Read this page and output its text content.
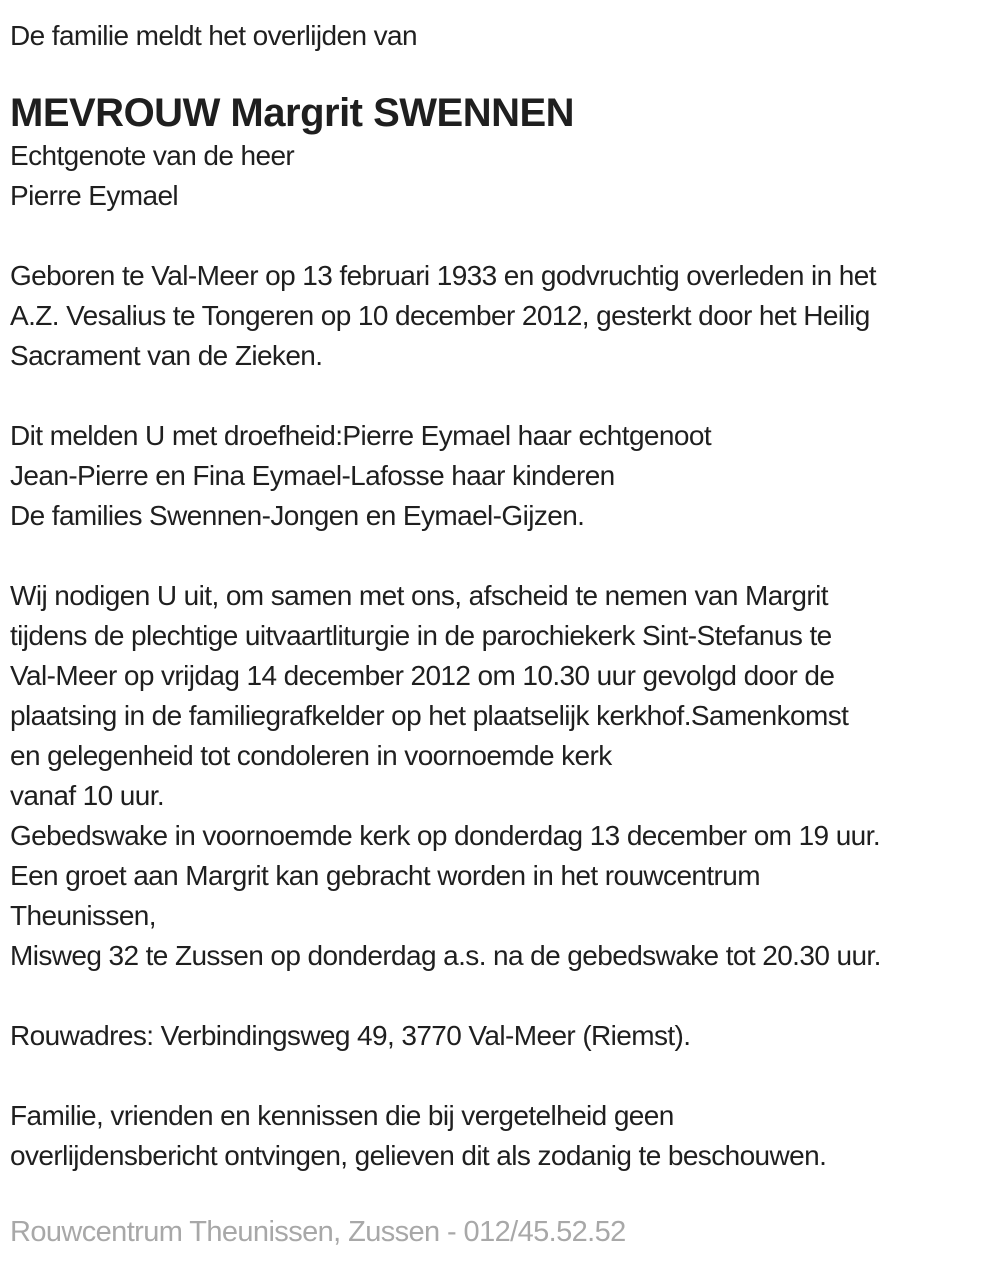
De familie meldt het overlijden van
MEVROUW Margrit SWENNEN
Echtgenote van de heer
Pierre Eymael
Geboren te Val-Meer op 13 februari 1933 en godvruchtig overleden in het
A.Z. Vesalius te Tongeren op 10 december 2012, gesterkt door het Heilig
Sacrament van de Zieken.
Dit melden U met droefheid:Pierre Eymael haar echtgenoot
Jean-Pierre en Fina Eymael-Lafosse haar kinderen
De families Swennen-Jongen en Eymael-Gijzen.
Wij nodigen U uit, om samen met ons, afscheid te nemen van Margrit
tijdens de plechtige uitvaartliturgie in de parochiekerk Sint-Stefanus te
Val-Meer op vrijdag 14 december 2012 om 10.30 uur gevolgd door de
plaatsing in de familiegrafkelder op het plaatselijk kerkhof.Samenkomst
en gelegenheid tot condoleren in voornoemde kerk
vanaf 10 uur.
Gebedswake in voornoemde kerk op donderdag 13 december om 19 uur.
Een groet aan Margrit kan gebracht worden in het rouwcentrum
Theunissen,
Misweg 32 te Zussen op donderdag a.s. na de gebedswake tot 20.30 uur.
Rouwadres: Verbindingsweg 49, 3770 Val-Meer (Riemst).
Familie, vrienden en kennissen die bij vergetelheid geen
overlijdensbericht ontvingen, gelieven dit als zodanig te beschouwen.
Rouwcentrum Theunissen, Zussen - 012/45.52.52
